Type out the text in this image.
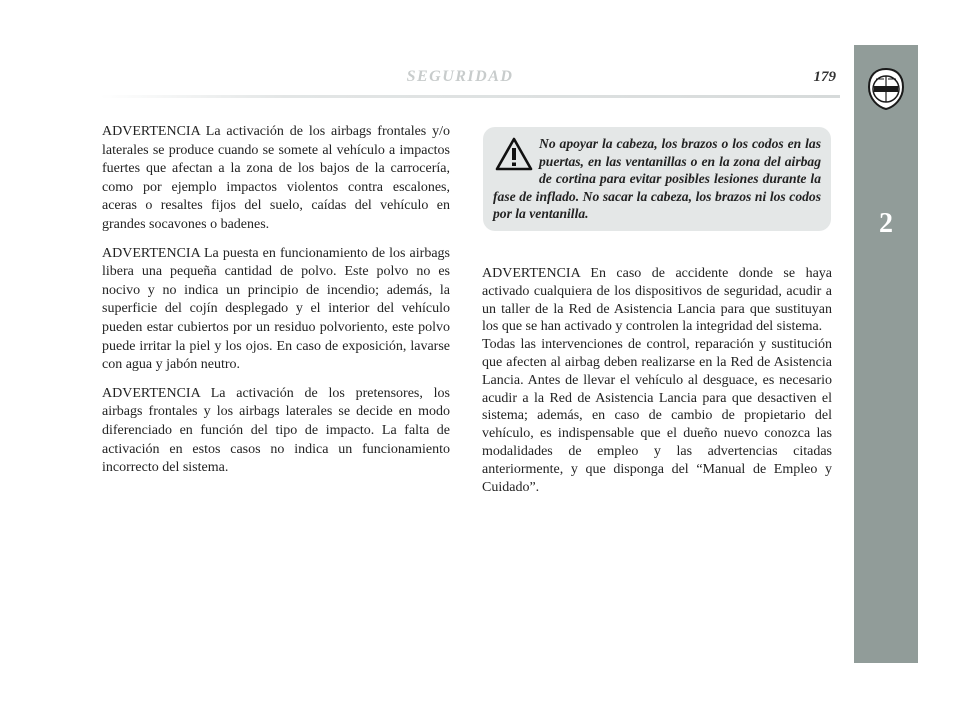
SEGURIDAD	179
2

ADVERTENCIA La activación de los airbags frontales y/o laterales se produce cuando se somete al vehículo a impactos fuertes que afectan a la zona de los bajos de la carrocería, como por ejemplo impactos violentos contra escalones, aceras o resaltes fijos del suelo, caídas del vehículo en grandes socavones o badenes.

ADVERTENCIA La puesta en funcionamiento de los airbags libera una pequeña cantidad de polvo. Este polvo no es nocivo y no indica un principio de incendio; además, la superficie del cojín desplegado y el interior del vehículo pueden estar cubiertos por un residuo polvoriento, este polvo puede irritar la piel y los ojos. En caso de exposición, lavarse con agua y jabón neutro.

ADVERTENCIA La activación de los pretensores, los airbags frontales y los airbags laterales se decide en modo diferenciado en función del tipo de impacto. La falta de activación en estos casos no indica un funcionamiento incorrecto del sistema.

No apoyar la cabeza, los brazos o los codos en las puertas, en las ventanillas o en la zona del airbag de cortina para evitar posibles lesiones durante la fase de inflado. No sacar la cabeza, los brazos ni los codos por la ventanilla.

ADVERTENCIA En caso de accidente donde se haya activado cualquiera de los dispositivos de seguridad, acudir a un taller de la Red de Asistencia Lancia para que sustituyan los que se han activado y controlen la integridad del sistema.

Todas las intervenciones de control, reparación y sustitución que afecten al airbag deben realizarse en la Red de Asistencia Lancia. Antes de llevar el vehículo al desguace, es necesario acudir a la Red de Asistencia Lancia para que desactiven el sistema; además, en caso de cambio de propietario del vehículo, es indispensable que el dueño nuevo conozca las modalidades de empleo y las advertencias citadas anteriormente, y que disponga del “Manual de Empleo y Cuidado”.
